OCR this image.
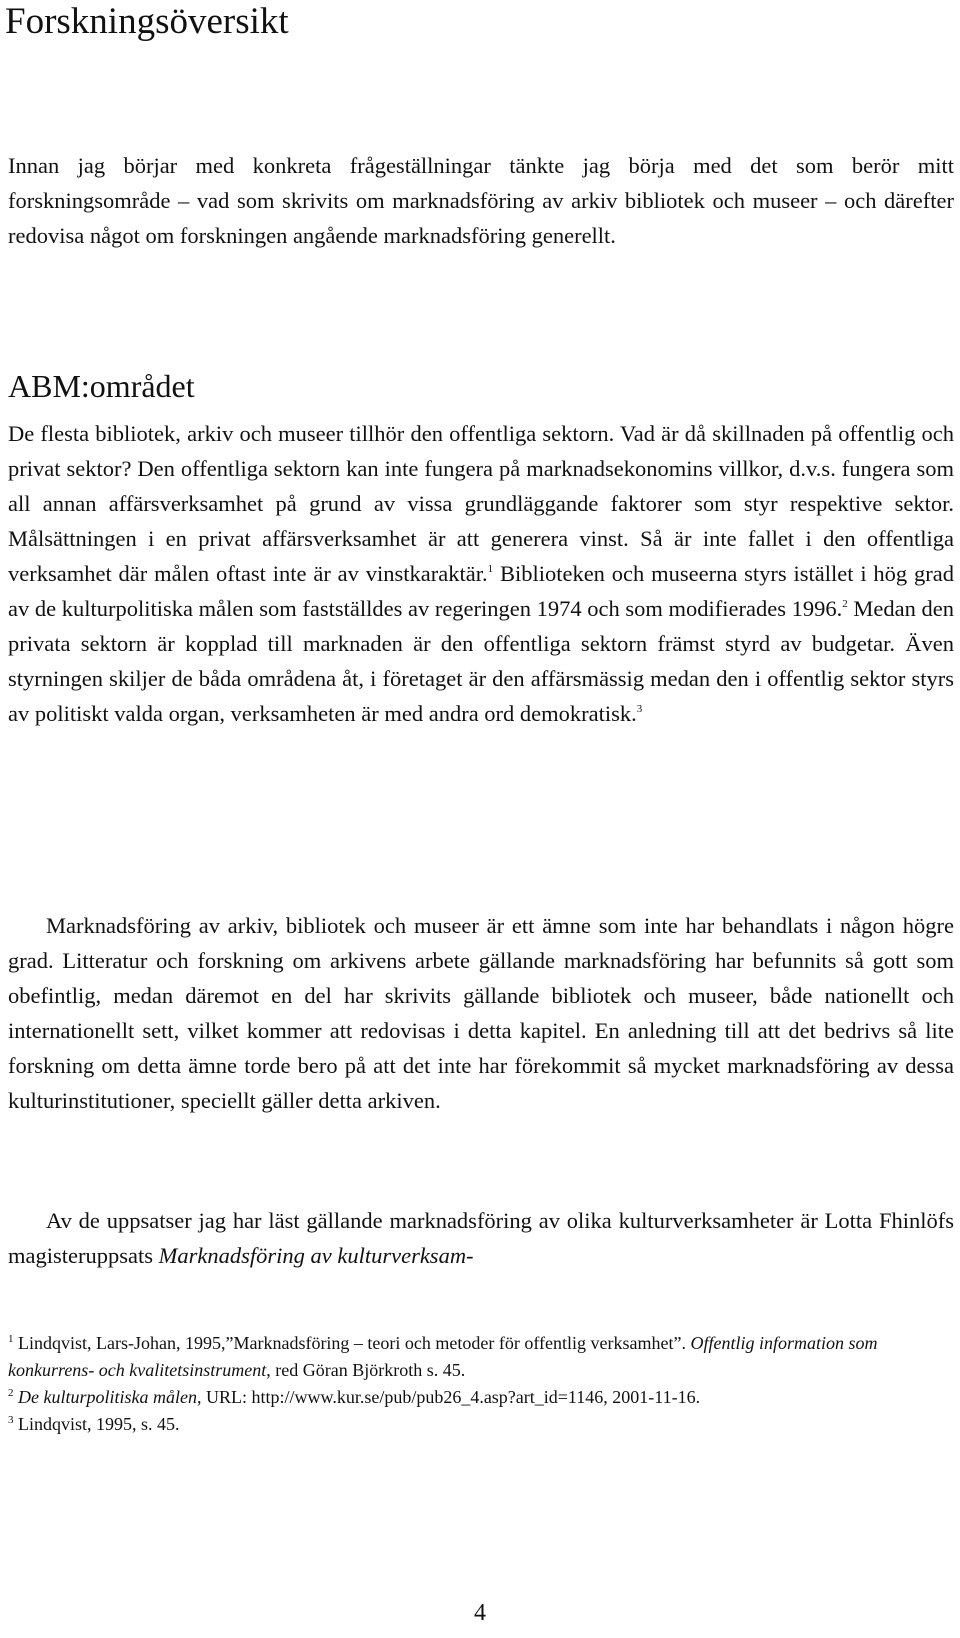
Forskningsöversikt

Innan jag börjar med konkreta frågeställningar tänkte jag börja med det som berör mitt forskningsområde – vad som skrivits om marknadsföring av arkiv bibliotek och museer – och därefter redovisa något om forskningen angående marknadsföring generellt.

ABM:området

De flesta bibliotek, arkiv och museer tillhör den offentliga sektorn. Vad är då skillnaden på offentlig och privat sektor? Den offentliga sektorn kan inte fungera på marknadsekonomins villkor, d.v.s. fungera som all annan affärsverksamhet på grund av vissa grundläggande faktorer som styr respektive sektor. Målsättningen i en privat affärsverksamhet är att generera vinst. Så är inte fallet i den offentliga verksamhet där målen oftast inte är av vinstkaraktär.$^1$ Biblioteken och museerna styrs istället i hög grad av de kulturpolitiska målen som fastställdes av regeringen 1974 och som modifierades 1996.$^2$ Medan den privata sektorn är kopplad till marknaden är den offentliga sektorn främst styrd av budgetar. Även styrningen skiljer de båda områdena åt, i företaget är den affärsmässig medan den i offentlig sektor styrs av politiskt valda organ, verksamheten är med andra ord demokratisk.$^3$

Marknadsföring av arkiv, bibliotek och museer är ett ämne som inte har behandlats i någon högre grad. Litteratur och forskning om arkivens arbete gällande marknadsföring har befunnits så gott som obefintlig, medan däremot en del har skrivits gällande bibliotek och museer, både nationellt och internationellt sett, vilket kommer att redovisas i detta kapitel. En anledning till att det bedrivs så lite forskning om detta ämne torde bero på att det inte har förekommit så mycket marknadsföring av dessa kulturinstitutioner, speciellt gäller detta arkiven.

Av de uppsatser jag har läst gällande marknadsföring av olika kulturverksamheter är Lotta Fhinlöfs magisteruppsats Marknadsföring av kulturverksam-

$^1$ Lindqvist, Lars-Johan, 1995,”Marknadsföring – teori och metoder för offentlig verksamhet”. Offentlig information som konkurrens- och kvalitetsinstrument, red Göran Björkroth s. 45.

$^2$ De kulturpolitiska målen, URL: http://www.kur.se/pub/pub26_4.asp?art_id=1146, 2001-11-16.

$^3$ Lindqvist, 1995, s. 45.

4
